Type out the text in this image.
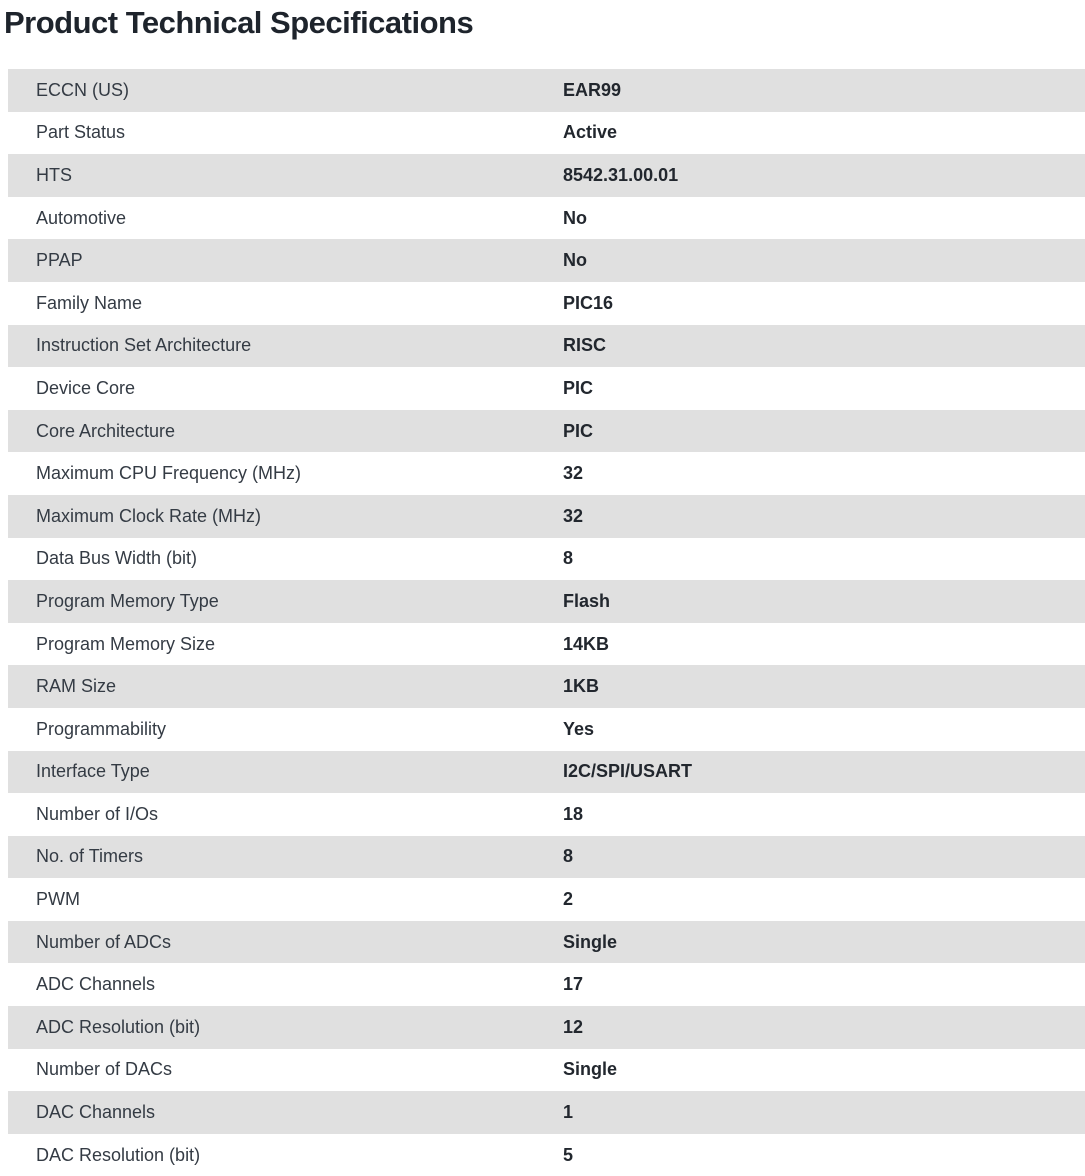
Product Technical Specifications
ECCN (US)	EAR99
Part Status	Active
HTS	8542.31.00.01
Automotive	No
PPAP	No
Family Name	PIC16
Instruction Set Architecture	RISC
Device Core	PIC
Core Architecture	PIC
Maximum CPU Frequency (MHz)	32
Maximum Clock Rate (MHz)	32
Data Bus Width (bit)	8
Program Memory Type	Flash
Program Memory Size	14KB
RAM Size	1KB
Programmability	Yes
Interface Type	I2C/SPI/USART
Number of I/Os	18
No. of Timers	8
PWM	2
Number of ADCs	Single
ADC Channels	17
ADC Resolution (bit)	12
Number of DACs	Single
DAC Channels	1
DAC Resolution (bit)	5
